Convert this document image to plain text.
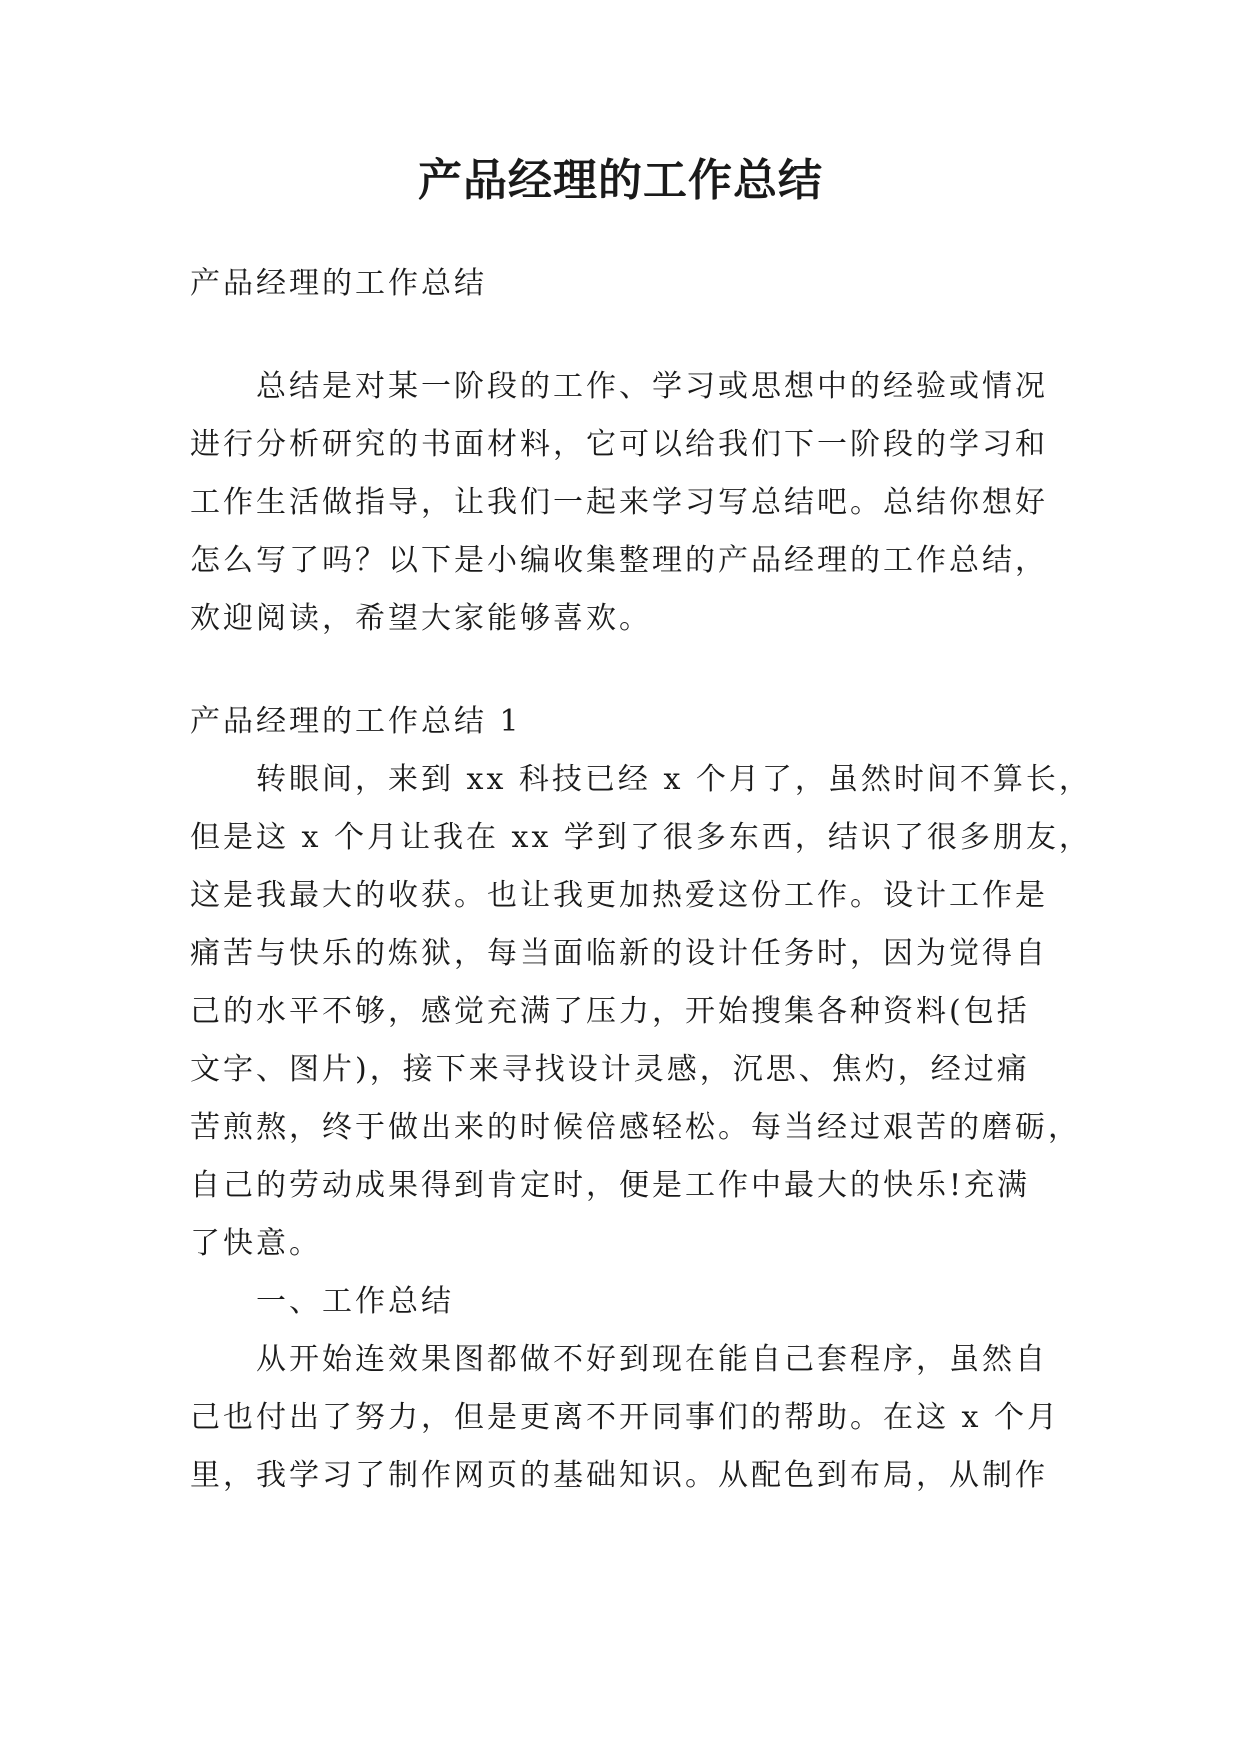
产品经理的工作总结

产品经理的工作总结

总结是对某一阶段的工作、学习或思想中的经验或情况

进行分析研究的书面材料，它可以给我们下一阶段的学习和

工作生活做指导，让我们一起来学习写总结吧。总结你想好

怎么写了吗？以下是小编收集整理的产品经理的工作总结，

欢迎阅读，希望大家能够喜欢。

产品经理的工作总结 1

转眼间，来到 xx 科技已经 x 个月了，虽然时间不算长，

但是这 x 个月让我在 xx 学到了很多东西，结识了很多朋友，

这是我最大的收获。也让我更加热爱这份工作。设计工作是

痛苦与快乐的炼狱，每当面临新的设计任务时，因为觉得自

己的水平不够，感觉充满了压力，开始搜集各种资料(包括

文字、图片)，接下来寻找设计灵感，沉思、焦灼，经过痛

苦煎熬，终于做出来的时候倍感轻松。每当经过艰苦的磨砺，

自己的劳动成果得到肯定时，便是工作中最大的快乐!充满

了快意。

一、工作总结

从开始连效果图都做不好到现在能自己套程序，虽然自

己也付出了努力，但是更离不开同事们的帮助。在这 x 个月

里，我学习了制作网页的基础知识。从配色到布局，从制作
